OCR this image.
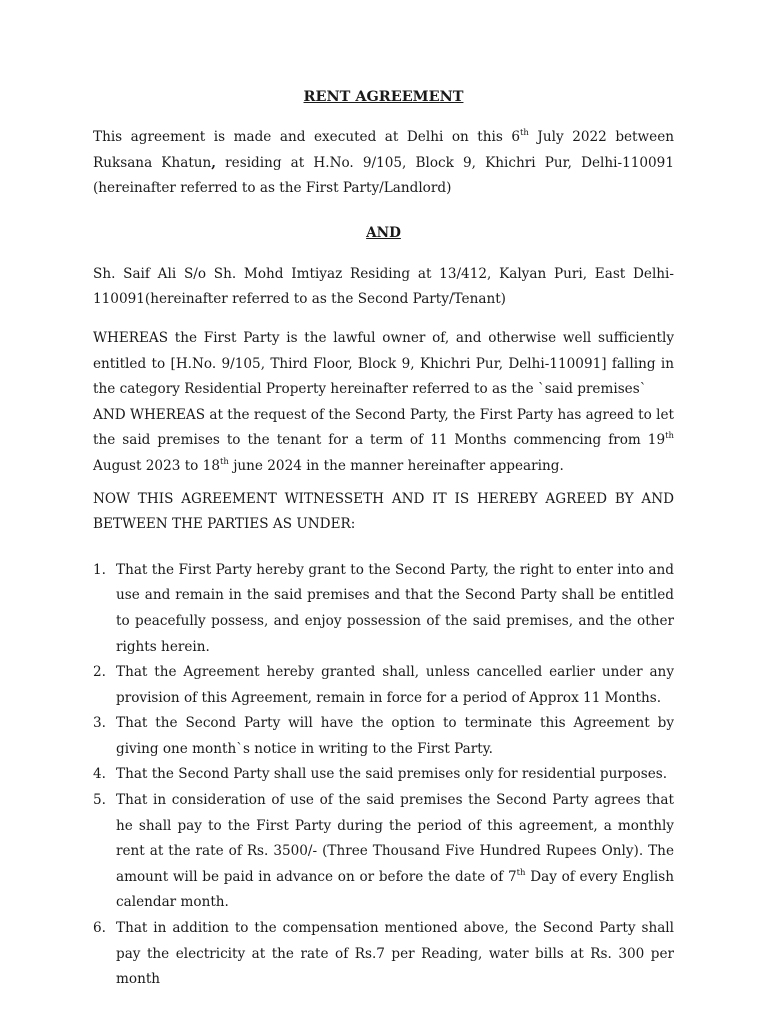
RENT AGREEMENT

This agreement is made and executed at Delhi on this 6th July 2022 between Ruksana Khatun, residing at H.No. 9/105, Block 9, Khichri Pur, Delhi-110091 (hereinafter referred to as the First Party/Landlord)

AND

Sh. Saif Ali S/o Sh. Mohd Imtiyaz Residing at 13/412, Kalyan Puri, East Delhi-110091(hereinafter referred to as the Second Party/Tenant)

WHEREAS the First Party is the lawful owner of, and otherwise well sufficiently entitled to [H.No. 9/105, Third Floor, Block 9, Khichri Pur, Delhi-110091] falling in the category Residential Property hereinafter referred to as the `said premises`

AND WHEREAS at the request of the Second Party, the First Party has agreed to let the said premises to the tenant for a term of 11 Months commencing from 19th August 2023 to 18th june 2024 in the manner hereinafter appearing.

NOW THIS AGREEMENT WITNESSETH AND IT IS HEREBY AGREED BY AND BETWEEN THE PARTIES AS UNDER:

1. That the First Party hereby grant to the Second Party, the right to enter into and use and remain in the said premises and that the Second Party shall be entitled to peacefully possess, and enjoy possession of the said premises, and the other rights herein.
2. That the Agreement hereby granted shall, unless cancelled earlier under any provision of this Agreement, remain in force for a period of Approx 11 Months.
3. That the Second Party will have the option to terminate this Agreement by giving one month`s notice in writing to the First Party.
4. That the Second Party shall use the said premises only for residential purposes.
5. That in consideration of use of the said premises the Second Party agrees that he shall pay to the First Party during the period of this agreement, a monthly rent at the rate of Rs. 3500/- (Three Thousand Five Hundred Rupees Only). The amount will be paid in advance on or before the date of 7th Day of every English calendar month.
6. That in addition to the compensation mentioned above, the Second Party shall pay the electricity at the rate of Rs.7 per Reading, water bills at Rs. 300 per month
